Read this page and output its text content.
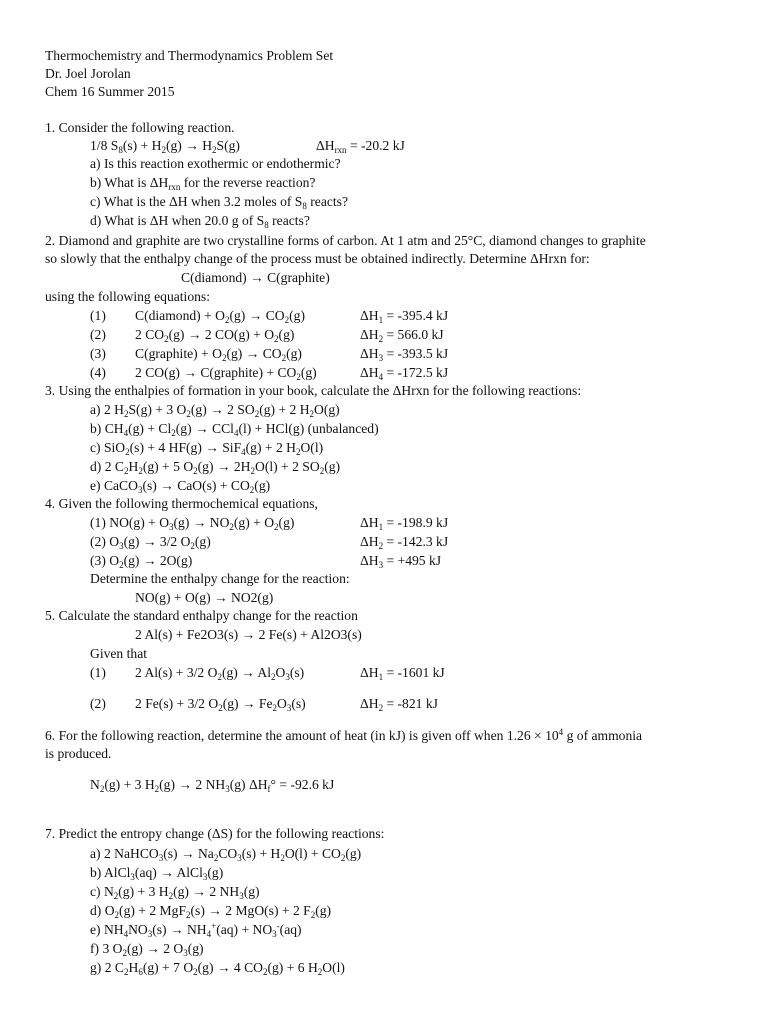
Thermochemistry and Thermodynamics Problem Set
Dr. Joel Jorolan
Chem 16 Summer 2015
1. Consider the following reaction.
1/8 $S_8(s) + H_2(g) \to H_2S(g)$	$\Delta H_{rxn} = -20.2$ kJ
a) Is this reaction exothermic or endothermic?
b) What is $\Delta H_{rxn}$ for the reverse reaction?
c) What is the ΔH when 3.2 moles of $S_8$ reacts?
d) What is ΔH when 20.0 g of $S_8$ reacts?
2. Diamond and graphite are two crystalline forms of carbon. At 1 atm and 25°C, diamond changes to graphite
so slowly that the enthalpy change of the process must be obtained indirectly. Determine ΔHrxn for:
C(diamond) → C(graphite)
using the following equations:
(1) C(diamond) + $O_2(g) \to CO_2(g)$	$\Delta H_1 = -395.4$ kJ
(2) 2 $CO_2(g) \to 2$ $CO(g) + O_2(g)$	$\Delta H_2 = 566.0$ kJ
(3) C(graphite) + $O_2(g) \to CO_2(g)$	$\Delta H_3 = -393.5$ kJ
(4) 2 CO(g) → C(graphite) + $CO_2(g)$	$\Delta H_4 = -172.5$ kJ
3. Using the enthalpies of formation in your book, calculate the ΔHrxn for the following reactions:
a) 2 $H_2S(g) + 3$ $O_2(g) \to 2$ $SO_2(g) + 2$ $H_2O(g)$
b) $CH_4(g) + Cl_2(g) \to CCl_4(l) + HCl(g)$ (unbalanced)
c) SiO$_2$(s) + 4 HF(g) → SiF$_4$(g) + 2 $H_2O(l)$
d) 2 $C_2H_2(g) + 5$ $O_2(g) \to 2H_2O(l) + 2$ $SO_2(g)$
e) CaCO$_3$(s) → $CaO(s) + CO_2(g)$
4. Given the following thermochemical equations,
(1) $NO(g) + O_3(g) \to NO_2(g) + O_2(g)$	$\Delta H_1 = -198.9$ kJ
(2) $O_3(g) \to 3/2$ $O_2(g)$	$\Delta H_2 = -142.3$ kJ
(3) $O_2(g) \to 2O(g)$	$\Delta H_3 = +495$ kJ
Determine the enthalpy change for the reaction:
NO(g) + O(g) → NO2(g)
5. Calculate the standard enthalpy change for the reaction
2 Al(s) + Fe2O3(s) → 2 Fe(s) + Al2O3(s)
Given that
(1) 2 Al(s) + 3/2 $O_2(g) \to Al_2O_3(s)$	$\Delta H_1 = -1601$ kJ
(2) 2 Fe(s) + 3/2 $O_2(g) \to Fe_2O_3(s)$	$\Delta H_2 = -821$ kJ
6. For the following reaction, determine the amount of heat (in kJ) is given off when $1.26 \times 10^4$ g of ammonia
is produced.
$N_2(g) + 3$ $H_2(g) \to 2$ $NH_3(g) \Delta H_f^\circ = -92.6$ kJ
7. Predict the entropy change (ΔS) for the following reactions:
a) 2 NaHCO$_3$(s) → $Na_2CO_3(s) + H_2O(l) + CO_2(g)$
b) AlCl$_3$(aq) → AlCl$_3$(g)
c) $N_2(g) + 3$ $H_2(g) \to 2$ $NH_3(g)$
d) $O_2(g) + 2$ MgF$_2$(s) → 2 MgO(s) + 2 $F_2(g)$
e) $NH_4NO_3(s) \to NH_4^+(aq) + NO_3^-(aq)$
f) 3 $O_2(g) \to 2$ $O_3(g)$
g) 2 $C_2H_6(g) + 7$ $O_2(g) \to 4$ $CO_2(g) + 6$ $H_2O(l)$
